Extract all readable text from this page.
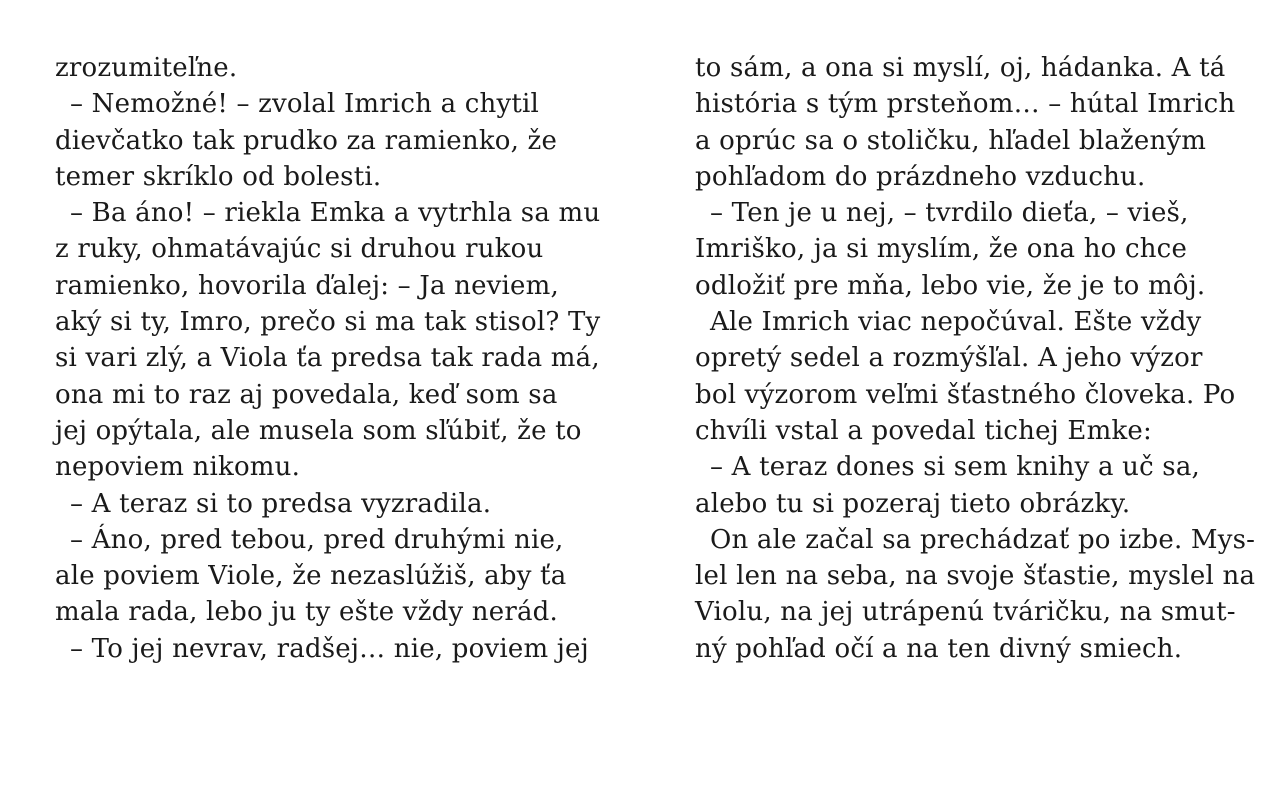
zrozumiteľne.
– Nemožné! – zvolal Imrich a chytil
dievčatko tak prudko za ramienko, že
temer skríklo od bolesti.
– Ba áno! – riekla Emka a vytrhla sa mu
z ruky, ohmatávajúc si druhou rukou
ramienko, hovorila ďalej: – Ja neviem,
aký si ty, Imro, prečo si ma tak stisol? Ty
si vari zlý, a Viola ťa predsa tak rada má,
ona mi to raz aj povedala, keď som sa
jej opýtala, ale musela som sľúbiť, že to
nepoviem nikomu.
– A teraz si to predsa vyzradila.
– Áno, pred tebou, pred druhými nie,
ale poviem Viole, že nezaslúžiš, aby ťa
mala rada, lebo ju ty ešte vždy nerád.
– To jej nevrav, radšej… nie, poviem jej
to sám, a ona si myslí, oj, hádanka. A tá
história s tým prsteňom… – hútal Imrich
a oprúc sa o stoličku, hľadel blaženým
pohľadom do prázdneho vzduchu.
– Ten je u nej, – tvrdilo dieťa, – vieš,
Imriško, ja si myslím, že ona ho chce
odložiť pre mňa, lebo vie, že je to môj.
Ale Imrich viac nepočúval. Ešte vždy
opretý sedel a rozmýšľal. A jeho výzor
bol výzorom veľmi šťastného človeka. Po
chvíli vstal a povedal tichej Emke:
– A teraz dones si sem knihy a uč sa,
alebo tu si pozeraj tieto obrázky.
On ale začal sa prechádzať po izbe. Mys-
lel len na seba, na svoje šťastie, myslel na
Violu, na jej utrápenú tváričku, na smut-
ný pohľad očí a na ten divný smiech.
